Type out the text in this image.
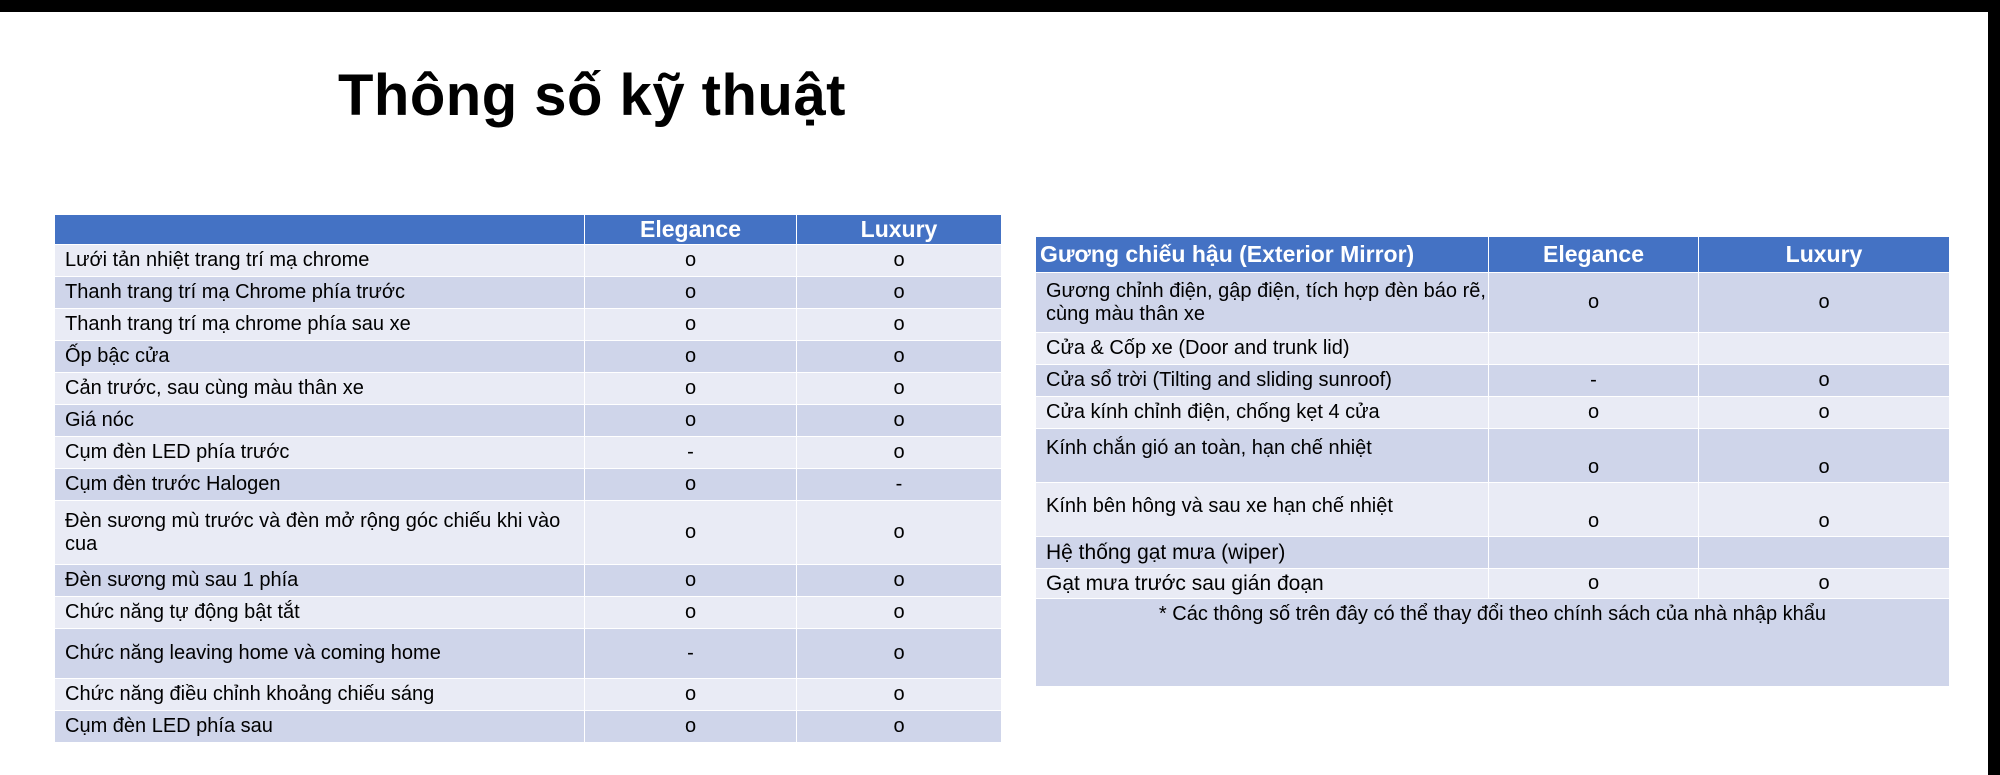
Thông số kỹ thuật
	Elegance	Luxury
Lưới tản nhiệt trang trí mạ chrome	o	o
Thanh trang trí mạ Chrome phía trước	o	o
Thanh trang trí mạ chrome phía sau xe	o	o
Ốp bậc cửa	o	o
Cản trước, sau cùng màu thân xe	o	o
Giá nóc	o	o
Cụm đèn LED phía trước	-	o
Cụm đèn trước Halogen	o	-
Đèn sương mù trước và đèn mở rộng góc chiếu khi vào cua	o	o
Đèn sương mù sau 1 phía	o	o
Chức năng tự động bật tắt	o	o
Chức năng leaving home và coming home	-	o
Chức năng điều chỉnh khoảng chiếu sáng	o	o
Cụm đèn LED phía sau	o	o
Gương chiếu hậu (Exterior Mirror)	Elegance	Luxury
Gương chỉnh điện, gập điện, tích hợp đèn báo rẽ, cùng màu thân xe	o	o
Cửa & Cốp xe (Door and trunk lid)		
Cửa sổ trời (Tilting and sliding sunroof)	-	o
Cửa kính chỉnh điện, chống kẹt 4 cửa	o	o
Kính chắn gió an toàn, hạn chế nhiệt	o	o
Kính bên hông và sau xe hạn chế nhiệt	o	o
Hệ thống gạt mưa (wiper)		
Gạt mưa trước sau gián đoạn	o	o
* Các thông số trên đây có thể thay đổi theo chính sách của nhà nhập khẩu		
